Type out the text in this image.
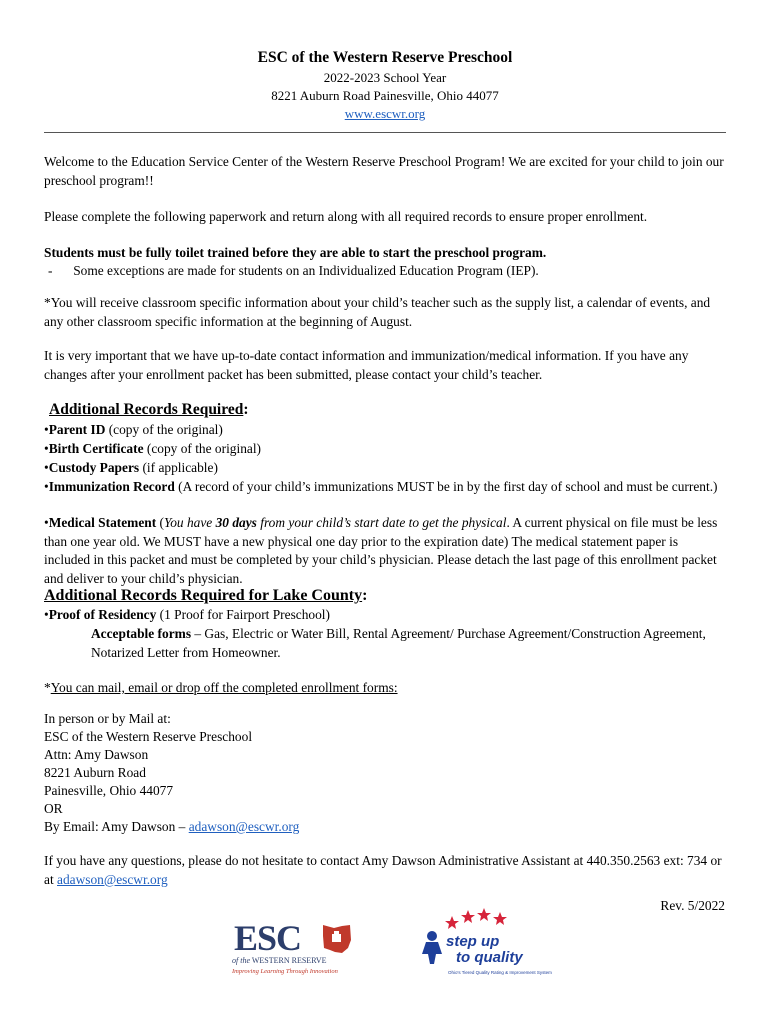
ESC of the Western Reserve Preschool
2022-2023 School Year
8221 Auburn Road Painesville, Ohio 44077
www.escwr.org
Welcome to the Education Service Center of the Western Reserve Preschool Program! We are excited for your child to join our preschool program!!
Please complete the following paperwork and return along with all required records to ensure proper enrollment.
Students must be fully toilet trained before they are able to start the preschool program.
- Some exceptions are made for students on an Individualized Education Program (IEP).
*You will receive classroom specific information about your child’s teacher such as the supply list, a calendar of events, and any other classroom specific information at the beginning of August.
It is very important that we have up-to-date contact information and immunization/medical information. If you have any changes after your enrollment packet has been submitted, please contact your child’s teacher.
Additional Records Required:
•Parent ID (copy of the original)
•Birth Certificate (copy of the original)
•Custody Papers (if applicable)
•Immunization Record (A record of your child’s immunizations MUST be in by the first day of school and must be current.)
•Medical Statement (You have 30 days from your child’s start date to get the physical. A current physical on file must be less than one year old. We MUST have a new physical one day prior to the expiration date) The medical statement paper is included in this packet and must be completed by your child’s physician. Please detach the last page of this enrollment packet and deliver to your child’s physician.
Additional Records Required for Lake County:
•Proof of Residency (1 Proof for Fairport Preschool)
Acceptable forms – Gas, Electric or Water Bill, Rental Agreement/ Purchase Agreement/Construction Agreement, Notarized Letter from Homeowner.
*You can mail, email or drop off the completed enrollment forms:
In person or by Mail at:
ESC of the Western Reserve Preschool
Attn: Amy Dawson
8221 Auburn Road
Painesville, Ohio 44077
OR
By Email: Amy Dawson – adawson@escwr.org
If you have any questions, please do not hesitate to contact Amy Dawson Administrative Assistant at 440.350.2563 ext: 734 or at adawson@escwr.org
Rev. 5/2022
ESC
of the WESTERN RESERVE
Improving Learning Through Innovation
step up
to quality
Ohio's Tiered Quality Rating & Improvement System
